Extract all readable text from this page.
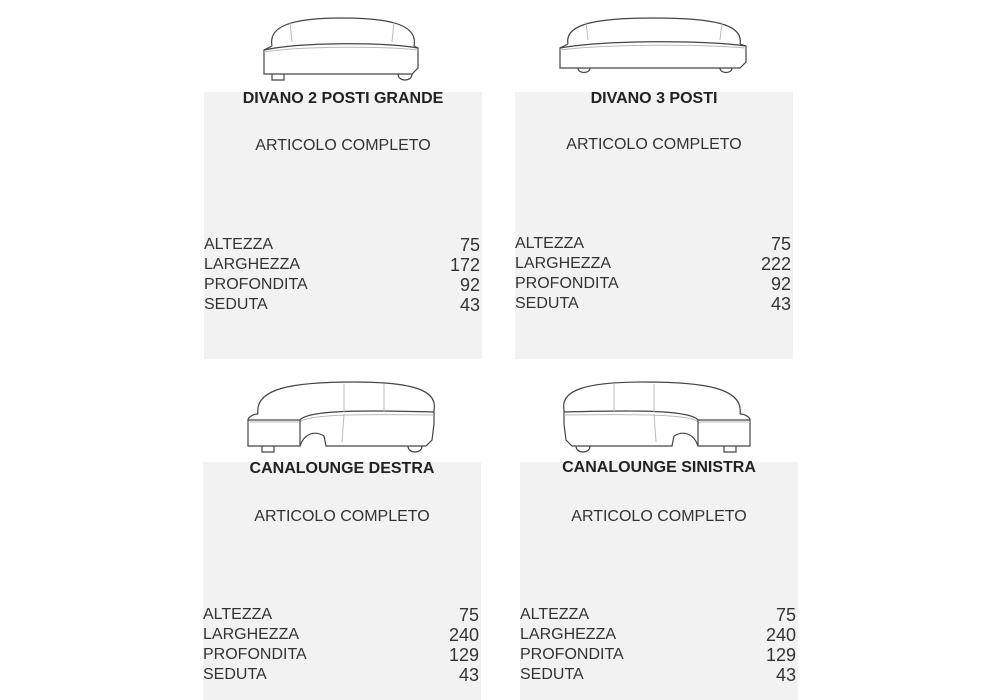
DIVANO 2 POSTI GRANDE
ARTICOLO COMPLETO
ALTEZZA	75
LARGHEZZA	172
PROFONDITA	92
SEDUTA	43
DIVANO 3 POSTI
ARTICOLO COMPLETO
ALTEZZA	75
LARGHEZZA	222
PROFONDITA	92
SEDUTA	43
CANALOUNGE DESTRA
ARTICOLO COMPLETO
ALTEZZA	75
LARGHEZZA	240
PROFONDITA	129
SEDUTA	43
CANALOUNGE SINISTRA
ARTICOLO COMPLETO
ALTEZZA	75
LARGHEZZA	240
PROFONDITA	129
SEDUTA	43
